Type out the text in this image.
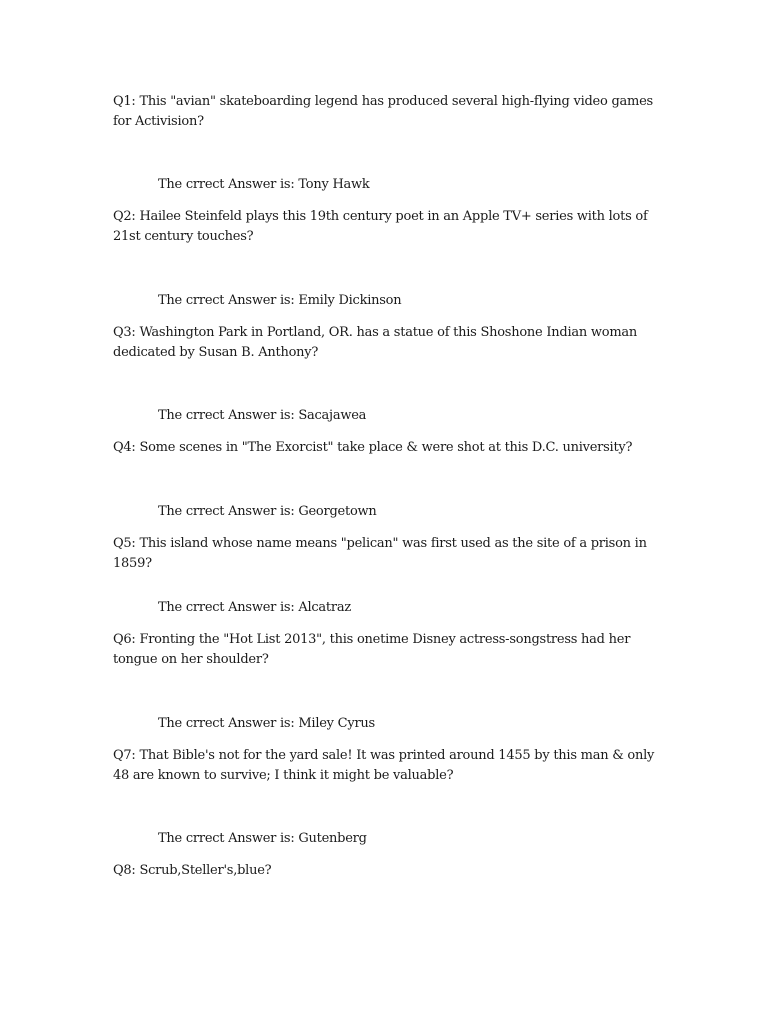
Q1: This "avian" skateboarding legend has produced several high-flying video games for Activision?

The crrect Answer is: Tony Hawk

Q2: Hailee Steinfeld plays this 19th century poet in an Apple TV+ series with lots of 21st century touches?

The crrect Answer is: Emily Dickinson

Q3: Washington Park in Portland, OR. has a statue of this Shoshone Indian woman dedicated by Susan B. Anthony?

The crrect Answer is: Sacajawea

Q4: Some scenes in "The Exorcist" take place & were shot at this D.C. university?

The crrect Answer is: Georgetown

Q5: This island whose name means "pelican" was first used as the site of a prison in 1859?

The crrect Answer is: Alcatraz

Q6: Fronting the "Hot List 2013", this onetime Disney actress-songstress had her tongue on her shoulder?

The crrect Answer is: Miley Cyrus

Q7: That Bible's not for the yard sale! It was printed around 1455 by this man & only 48 are known to survive; I think it might be valuable?

The crrect Answer is: Gutenberg

Q8: Scrub,Steller's,blue?
